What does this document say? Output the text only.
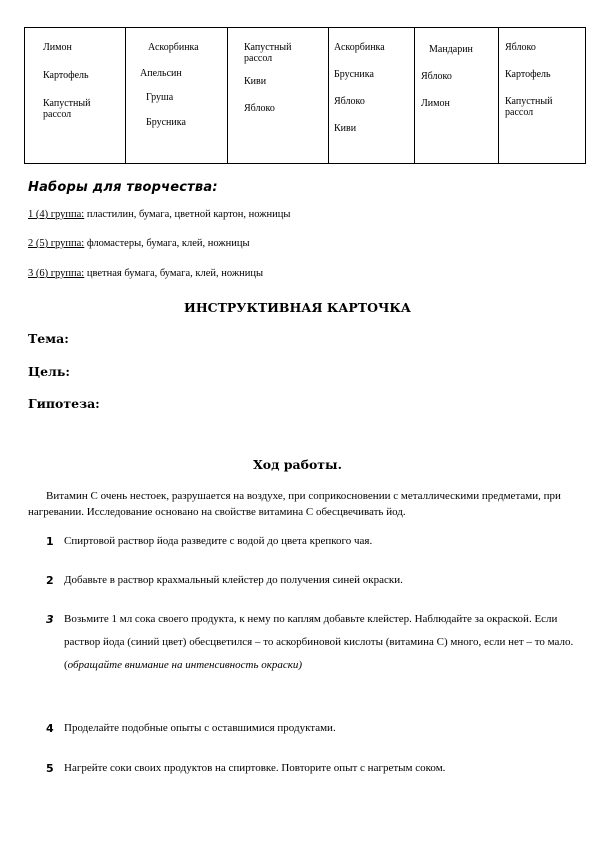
Лимон
Картофель
Капустный
рассол
Аскорбинка
Апельсин
Груша
Брусника
Капустный
рассол
Киви
Яблоко
Аскорбинка
Брусника
Яблоко
Киви
Мандарин
Яблоко
Лимон
Яблоко
Картофель
Капустный
рассол
Наборы для творчества:
1 (4) группа: пластилин, бумага, цветной картон, ножницы
2 (5) группа: фломастеры, бумага, клей, ножницы
3 (6) группа: цветная бумага, бумага, клей, ножницы
ИНСТРУКТИВНАЯ КАРТОЧКА
Тема:
Цель:
Гипотеза:
Ход работы.
Витамин С очень нестоек, разрушается на воздухе, при соприкосновении с металлическими предметами, при нагревании. Исследование основано на свойстве витамина С обесцвечивать йод.
1 Спиртовой раствор йода разведите с водой до цвета крепкого чая.
2 Добавьте в раствор крахмальный клейстер до получения синей окраски.
3 Возьмите 1 мл сока своего продукта, к нему по каплям добавьте клейстер. Наблюдайте за окраской. Если раствор йода (синий цвет) обесцветился – то аскорбиновой кислоты (витамина С) много, если нет – то мало. (обращайте внимание на интенсивность окраски)
4 Проделайте подобные опыты с оставшимися продуктами.
5 Нагрейте соки своих продуктов на спиртовке. Повторите опыт с нагретым соком.
